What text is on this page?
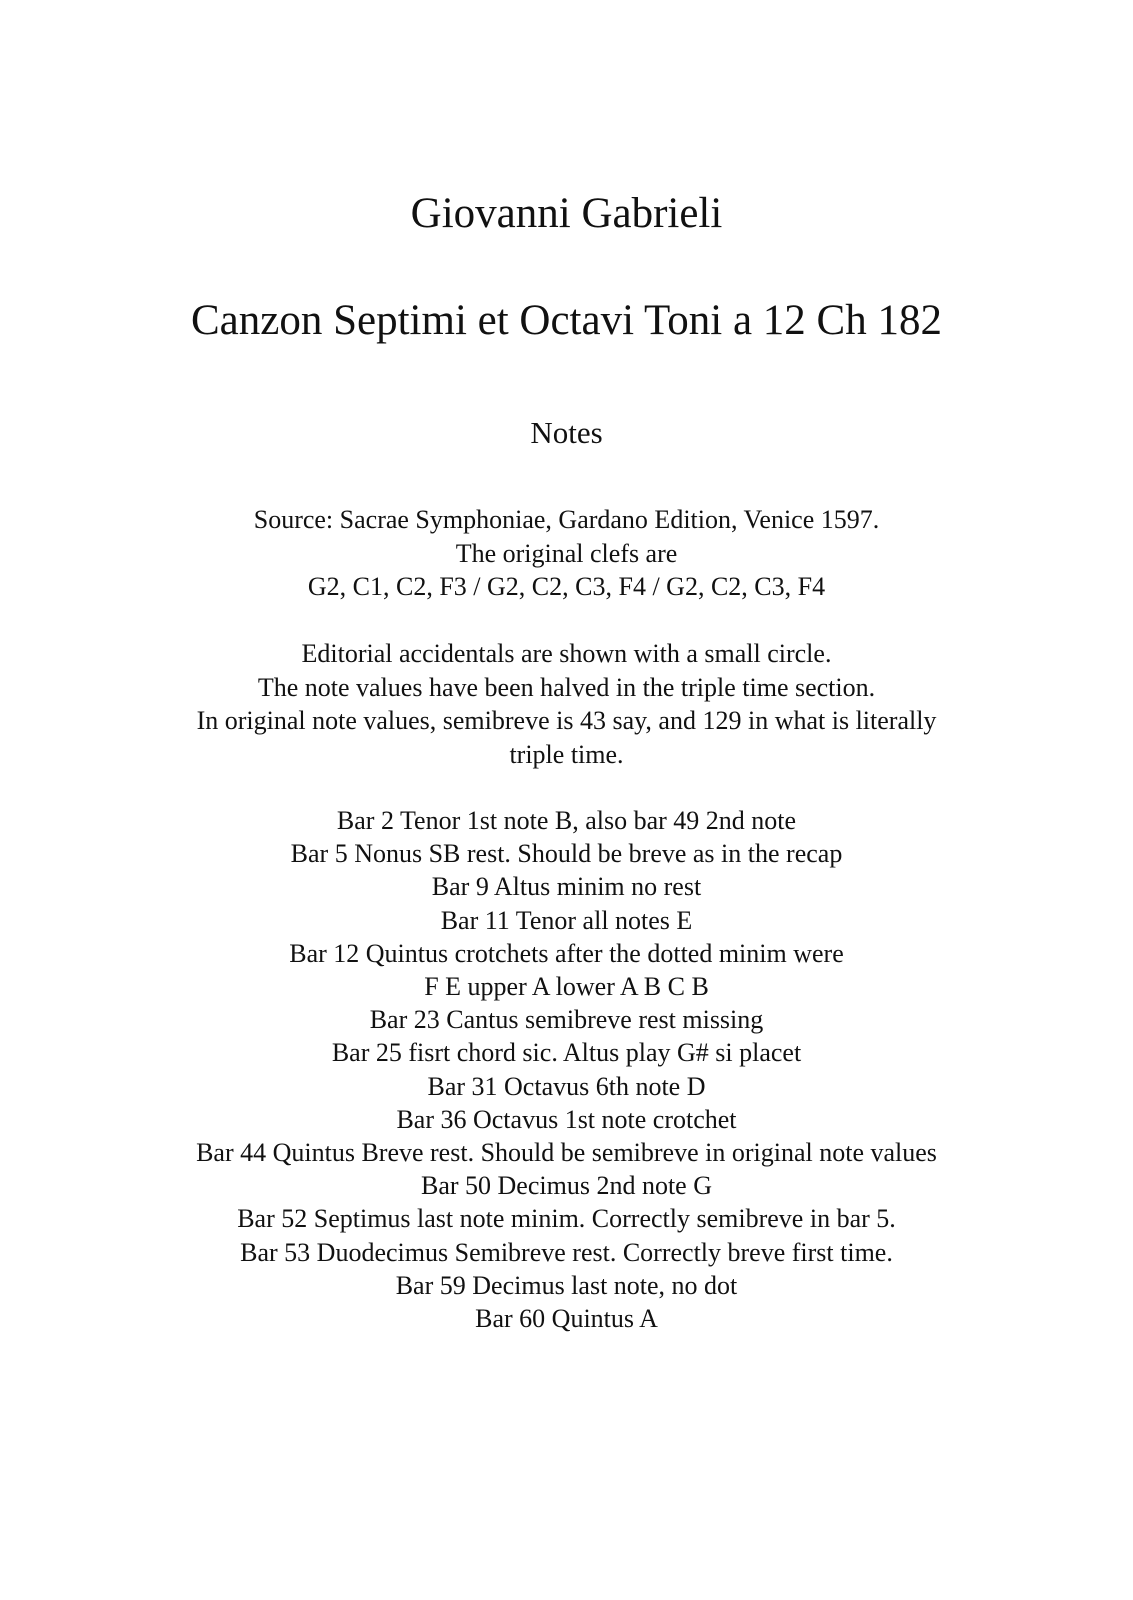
Giovanni Gabrieli
Canzon Septimi et Octavi Toni a 12 Ch 182
Notes
Source: Sacrae Symphoniae, Gardano Edition, Venice 1597.
The original clefs are
G2, C1, C2, F3 / G2, C2, C3, F4 / G2, C2, C3, F4
Editorial accidentals are shown with a small circle.
The note values have been halved in the triple time section.
In original note values, semibreve is 43 say, and 129 in what is literally
triple time.
Bar 2 Tenor 1st note B, also bar 49 2nd note
Bar 5 Nonus SB rest. Should be breve as in the recap
Bar 9 Altus minim no rest
Bar 11 Tenor all notes E
Bar 12 Quintus crotchets after the dotted minim were
F E upper A lower A B C B
Bar 23 Cantus semibreve rest missing
Bar 25 fisrt chord sic. Altus play G# si placet
Bar 31 Octavus 6th note D
Bar 36 Octavus 1st note crotchet
Bar 44 Quintus Breve rest. Should be semibreve in original note values
Bar 50 Decimus 2nd note G
Bar 52 Septimus last note minim. Correctly semibreve in bar 5.
Bar 53 Duodecimus Semibreve rest. Correctly breve first time.
Bar 59 Decimus last note, no dot
Bar 60 Quintus A
